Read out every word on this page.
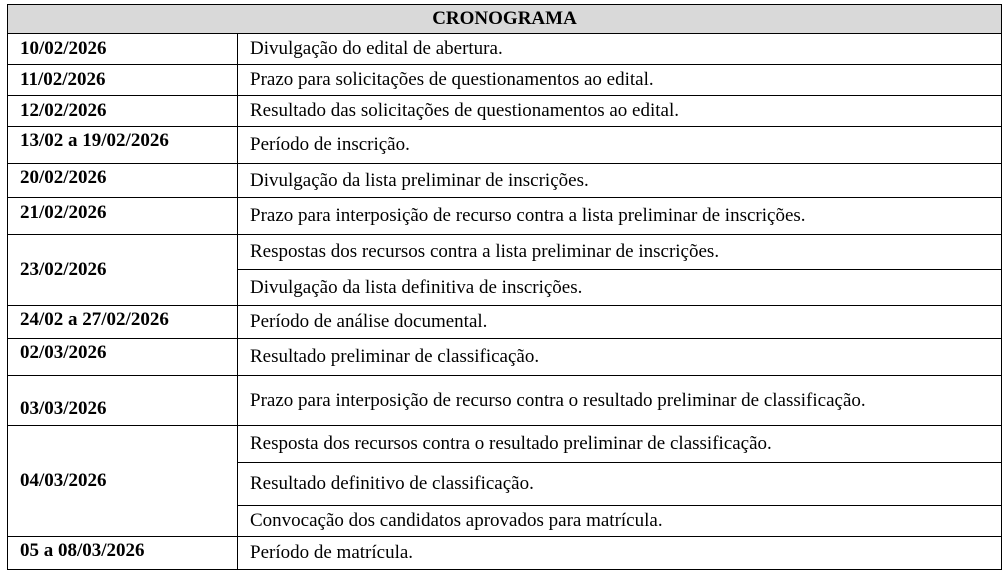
CRONOGRAMA	
10/02/2026	Divulgação do edital de abertura.
11/02/2026	Prazo para solicitações de questionamentos ao edital.
12/02/2026	Resultado das solicitações de questionamentos ao edital.
13/02 a 19/02/2026	Período de inscrição.
20/02/2026	Divulgação da lista preliminar de inscrições.
21/02/2026	Prazo para interposição de recurso contra a lista preliminar de inscrições.
23/02/2026	Respostas dos recursos contra a lista preliminar de inscrições.
	Divulgação da lista definitiva de inscrições.
24/02 a 27/02/2026	Período de análise documental.
02/03/2026	Resultado preliminar de classificação.
03/03/2026	Prazo para interposição de recurso contra o resultado preliminar de classificação.
04/03/2026	Resposta dos recursos contra o resultado preliminar de classificação.
	Resultado definitivo de classificação.
	Convocação dos candidatos aprovados para matrícula.
05 a 08/03/2026	Período de matrícula.
